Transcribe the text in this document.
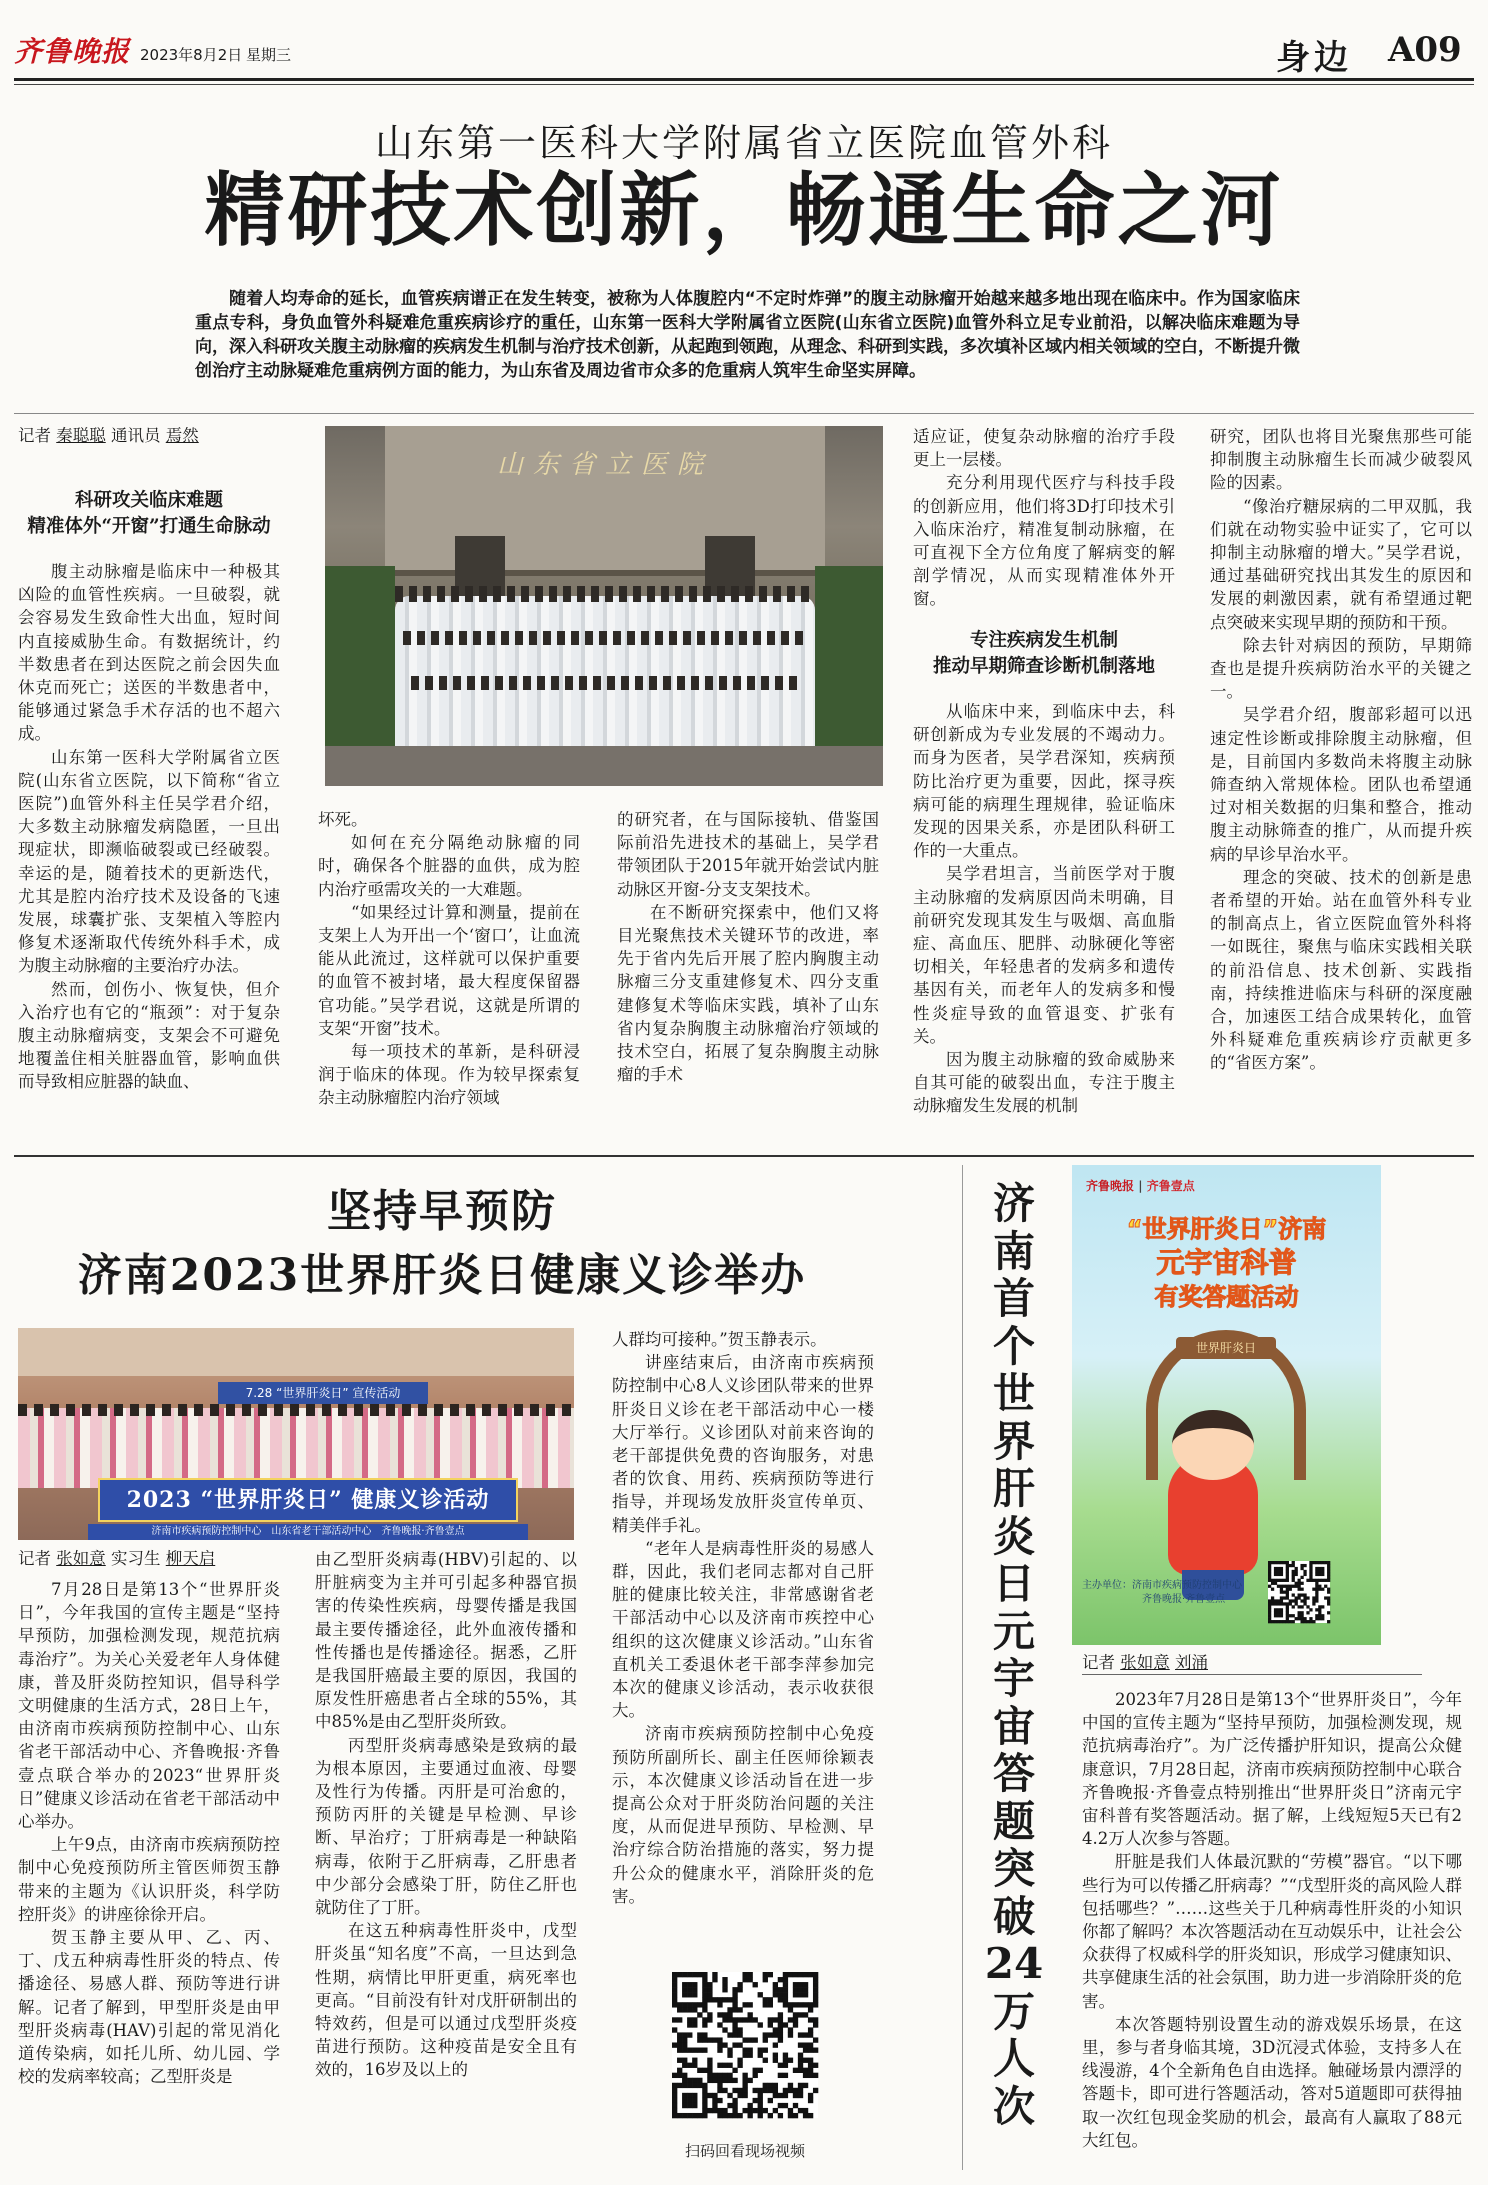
齐鲁晚报 2023年8月2日 星期三	身边 A09
山东第一医科大学附属省立医院血管外科
精研技术创新，畅通生命之河
随着人均寿命的延长，血管疾病谱正在发生转变，被称为人体腹腔内“不定时炸弹”的腹主动脉瘤开始越来越多地出现在临床中。作为国家临床重点专科，身负血管外科疑难危重疾病诊疗的重任，山东第一医科大学附属省立医院(山东省立医院)血管外科立足专业前沿，以解决临床难题为导向，深入科研攻关腹主动脉瘤的疾病发生机制与治疗技术创新，从起跑到领跑，从理念、科研到实践，多次填补区域内相关领域的空白，不断提升微创治疗主动脉疑难危重病例方面的能力，为山东省及周边省市众多的危重病人筑牢生命坚实屏障。
记者 秦聪聪 通讯员 焉然
科研攻关临床难题
精准体外“开窗”打通生命脉动
腹主动脉瘤是临床中一种极其凶险的血管性疾病。一旦破裂，就会容易发生致命性大出血，短时间内直接威胁生命。有数据统计，约半数患者在到达医院之前会因失血休克而死亡；送医的半数患者中，能够通过紧急手术存活的也不超六成。
山东第一医科大学附属省立医院(山东省立医院，以下简称“省立医院”)血管外科主任吴学君介绍，大多数主动脉瘤发病隐匿，一旦出现症状，即濒临破裂或已经破裂。幸运的是，随着技术的更新迭代，尤其是腔内治疗技术及设备的飞速发展，球囊扩张、支架植入等腔内修复术逐渐取代传统外科手术，成为腹主动脉瘤的主要治疗办法。
然而，创伤小、恢复快，但介入治疗也有它的“瓶颈”：对于复杂腹主动脉瘤病变，支架会不可避免地覆盖住相关脏器血管，影响血供而导致相应脏器的缺血、
山东省立医院
坏死。
如何在充分隔绝动脉瘤的同时，确保各个脏器的血供，成为腔内治疗亟需攻关的一大难题。
“如果经过计算和测量，提前在支架上人为开出一个‘窗口’，让血流能从此流过，这样就可以保护重要的血管不被封堵，最大程度保留器官功能。”吴学君说，这就是所谓的支架“开窗”技术。
每一项技术的革新，是科研浸润于临床的体现。作为较早探索复杂主动脉瘤腔内治疗领域
的研究者，在与国际接轨、借鉴国际前沿先进技术的基础上，吴学君带领团队于2015年就开始尝试内脏动脉区开窗-分支支架技术。
在不断研究探索中，他们又将目光聚焦技术关键环节的改进，率先于省内先后开展了腔内胸腹主动脉瘤三分支重建修复术、四分支重建修复术等临床实践，填补了山东省内复杂胸腹主动脉瘤治疗领域的技术空白，拓展了复杂胸腹主动脉瘤的手术
适应证，使复杂动脉瘤的治疗手段更上一层楼。
充分利用现代医疗与科技手段的创新应用，他们将3D打印技术引入临床治疗，精准复制动脉瘤，在可直视下全方位角度了解病变的解剖学情况，从而实现精准体外开窗。
专注疾病发生机制
推动早期筛查诊断机制落地
从临床中来，到临床中去，科研创新成为专业发展的不竭动力。而身为医者，吴学君深知，疾病预防比治疗更为重要，因此，探寻疾病可能的病理生理规律，验证临床发现的因果关系，亦是团队科研工作的一大重点。
吴学君坦言，当前医学对于腹主动脉瘤的发病原因尚未明确，目前研究发现其发生与吸烟、高血脂症、高血压、肥胖、动脉硬化等密切相关，年轻患者的发病多和遗传基因有关，而老年人的发病多和慢性炎症导致的血管退变、扩张有关。
因为腹主动脉瘤的致命威胁来自其可能的破裂出血，专注于腹主动脉瘤发生发展的机制
研究，团队也将目光聚焦那些可能抑制腹主动脉瘤生长而减少破裂风险的因素。
“像治疗糖尿病的二甲双胍，我们就在动物实验中证实了，它可以抑制主动脉瘤的增大。”吴学君说，通过基础研究找出其发生的原因和发展的刺激因素，就有希望通过靶点突破来实现早期的预防和干预。
除去针对病因的预防，早期筛查也是提升疾病防治水平的关键之一。
吴学君介绍，腹部彩超可以迅速定性诊断或排除腹主动脉瘤，但是，目前国内多数尚未将腹主动脉筛查纳入常规体检。团队也希望通过对相关数据的归集和整合，推动腹主动脉筛查的推广，从而提升疾病的早诊早治水平。
理念的突破、技术的创新是患者希望的开始。站在血管外科专业的制高点上，省立医院血管外科将一如既往，聚焦与临床实践相关联的前沿信息、技术创新、实践指南，持续推进临床与科研的深度融合，加速医工结合成果转化，血管外科疑难危重疾病诊疗贡献更多的“省医方案”。
坚持早预防
济南2023世界肝炎日健康义诊举办
7.28 “世界肝炎日” 宣传活动
2023 “世界肝炎日” 健康义诊活动
济南市疾病预防控制中心　山东省老干部活动中心　齐鲁晚报·齐鲁壹点
记者 张如意 实习生 柳天启
7月28日是第13个“世界肝炎日”，今年我国的宣传主题是“坚持早预防，加强检测发现，规范抗病毒治疗”。为关心关爱老年人身体健康，普及肝炎防控知识，倡导科学文明健康的生活方式，28日上午，由济南市疾病预防控制中心、山东省老干部活动中心、齐鲁晚报·齐鲁壹点联合举办的2023“世界肝炎日”健康义诊活动在省老干部活动中心举办。
上午9点，由济南市疾病预防控制中心免疫预防所主管医师贺玉静带来的主题为《认识肝炎，科学防控肝炎》的讲座徐徐开启。
贺玉静主要从甲、乙、丙、丁、戊五种病毒性肝炎的特点、传播途径、易感人群、预防等进行讲解。记者了解到，甲型肝炎是由甲型肝炎病毒(HAV)引起的常见消化道传染病，如托儿所、幼儿园、学校的发病率较高；乙型肝炎是
由乙型肝炎病毒(HBV)引起的、以肝脏病变为主并可引起多种器官损害的传染性疾病，母婴传播是我国最主要传播途径，此外血液传播和性传播也是传播途径。据悉，乙肝是我国肝癌最主要的原因，我国的原发性肝癌患者占全球的55%，其中85%是由乙型肝炎所致。
丙型肝炎病毒感染是致病的最为根本原因，主要通过血液、母婴及性行为传播。丙肝是可治愈的，预防丙肝的关键是早检测、早诊断、早治疗；丁肝病毒是一种缺陷病毒，依附于乙肝病毒，乙肝患者中少部分会感染丁肝，防住乙肝也就防住了丁肝。
在这五种病毒性肝炎中，戊型肝炎虽“知名度”不高，一旦达到急性期，病情比甲肝更重，病死率也更高。“目前没有针对戊肝研制出的特效药，但是可以通过戊型肝炎疫苗进行预防。这种疫苗是安全且有效的，16岁及以上的
人群均可接种。”贺玉静表示。
讲座结束后，由济南市疾病预防控制中心8人义诊团队带来的世界肝炎日义诊在老干部活动中心一楼大厅举行。义诊团队对前来咨询的老干部提供免费的咨询服务，对患者的饮食、用药、疾病预防等进行指导，并现场发放肝炎宣传单页、精美伴手礼。
“老年人是病毒性肝炎的易感人群，因此，我们老同志都对自己肝脏的健康比较关注，非常感谢省老干部活动中心以及济南市疾控中心组织的这次健康义诊活动。”山东省直机关工委退休老干部李萍参加完本次的健康义诊活动，表示收获很大。
济南市疾病预防控制中心免疫预防所副所长、副主任医师徐颖表示，本次健康义诊活动旨在进一步提高公众对于肝炎防治问题的关注度，从而促进早预防、早检测、早治疗综合防治措施的落实，努力提升公众的健康水平，消除肝炎的危害。
扫码回看现场视频
济南首个世界肝炎日元宇宙答题突破24万人次
齐鲁晚报 | 齐鲁壹点
“世界肝炎日”济南
元宇宙科普
有奖答题活动
世界肝炎日
主办单位：济南市疾病预防控制中心
齐鲁晚报·齐鲁壹点
记者 张如意 刘涌
2023年7月28日是第13个“世界肝炎日”，今年中国的宣传主题为“坚持早预防，加强检测发现，规范抗病毒治疗”。为广泛传播护肝知识，提高公众健康意识，7月28日起，济南市疾病预防控制中心联合齐鲁晚报·齐鲁壹点特别推出“世界肝炎日”济南元宇宙科普有奖答题活动。据了解，上线短短5天已有24.2万人次参与答题。
肝脏是我们人体最沉默的“劳模”器官。“以下哪些行为可以传播乙肝病毒？”“戊型肝炎的高风险人群包括哪些？”……这些关于几种病毒性肝炎的小知识你都了解吗？本次答题活动在互动娱乐中，让社会公众获得了权威科学的肝炎知识，形成学习健康知识、共享健康生活的社会氛围，助力进一步消除肝炎的危害。
本次答题特别设置生动的游戏娱乐场景，在这里，参与者身临其境，3D沉浸式体验，支持多人在线漫游，4个全新角色自由选择。触碰场景内漂浮的答题卡，即可进行答题活动，答对5道题即可获得抽取一次红包现金奖励的机会，最高有人赢取了88元大红包。
